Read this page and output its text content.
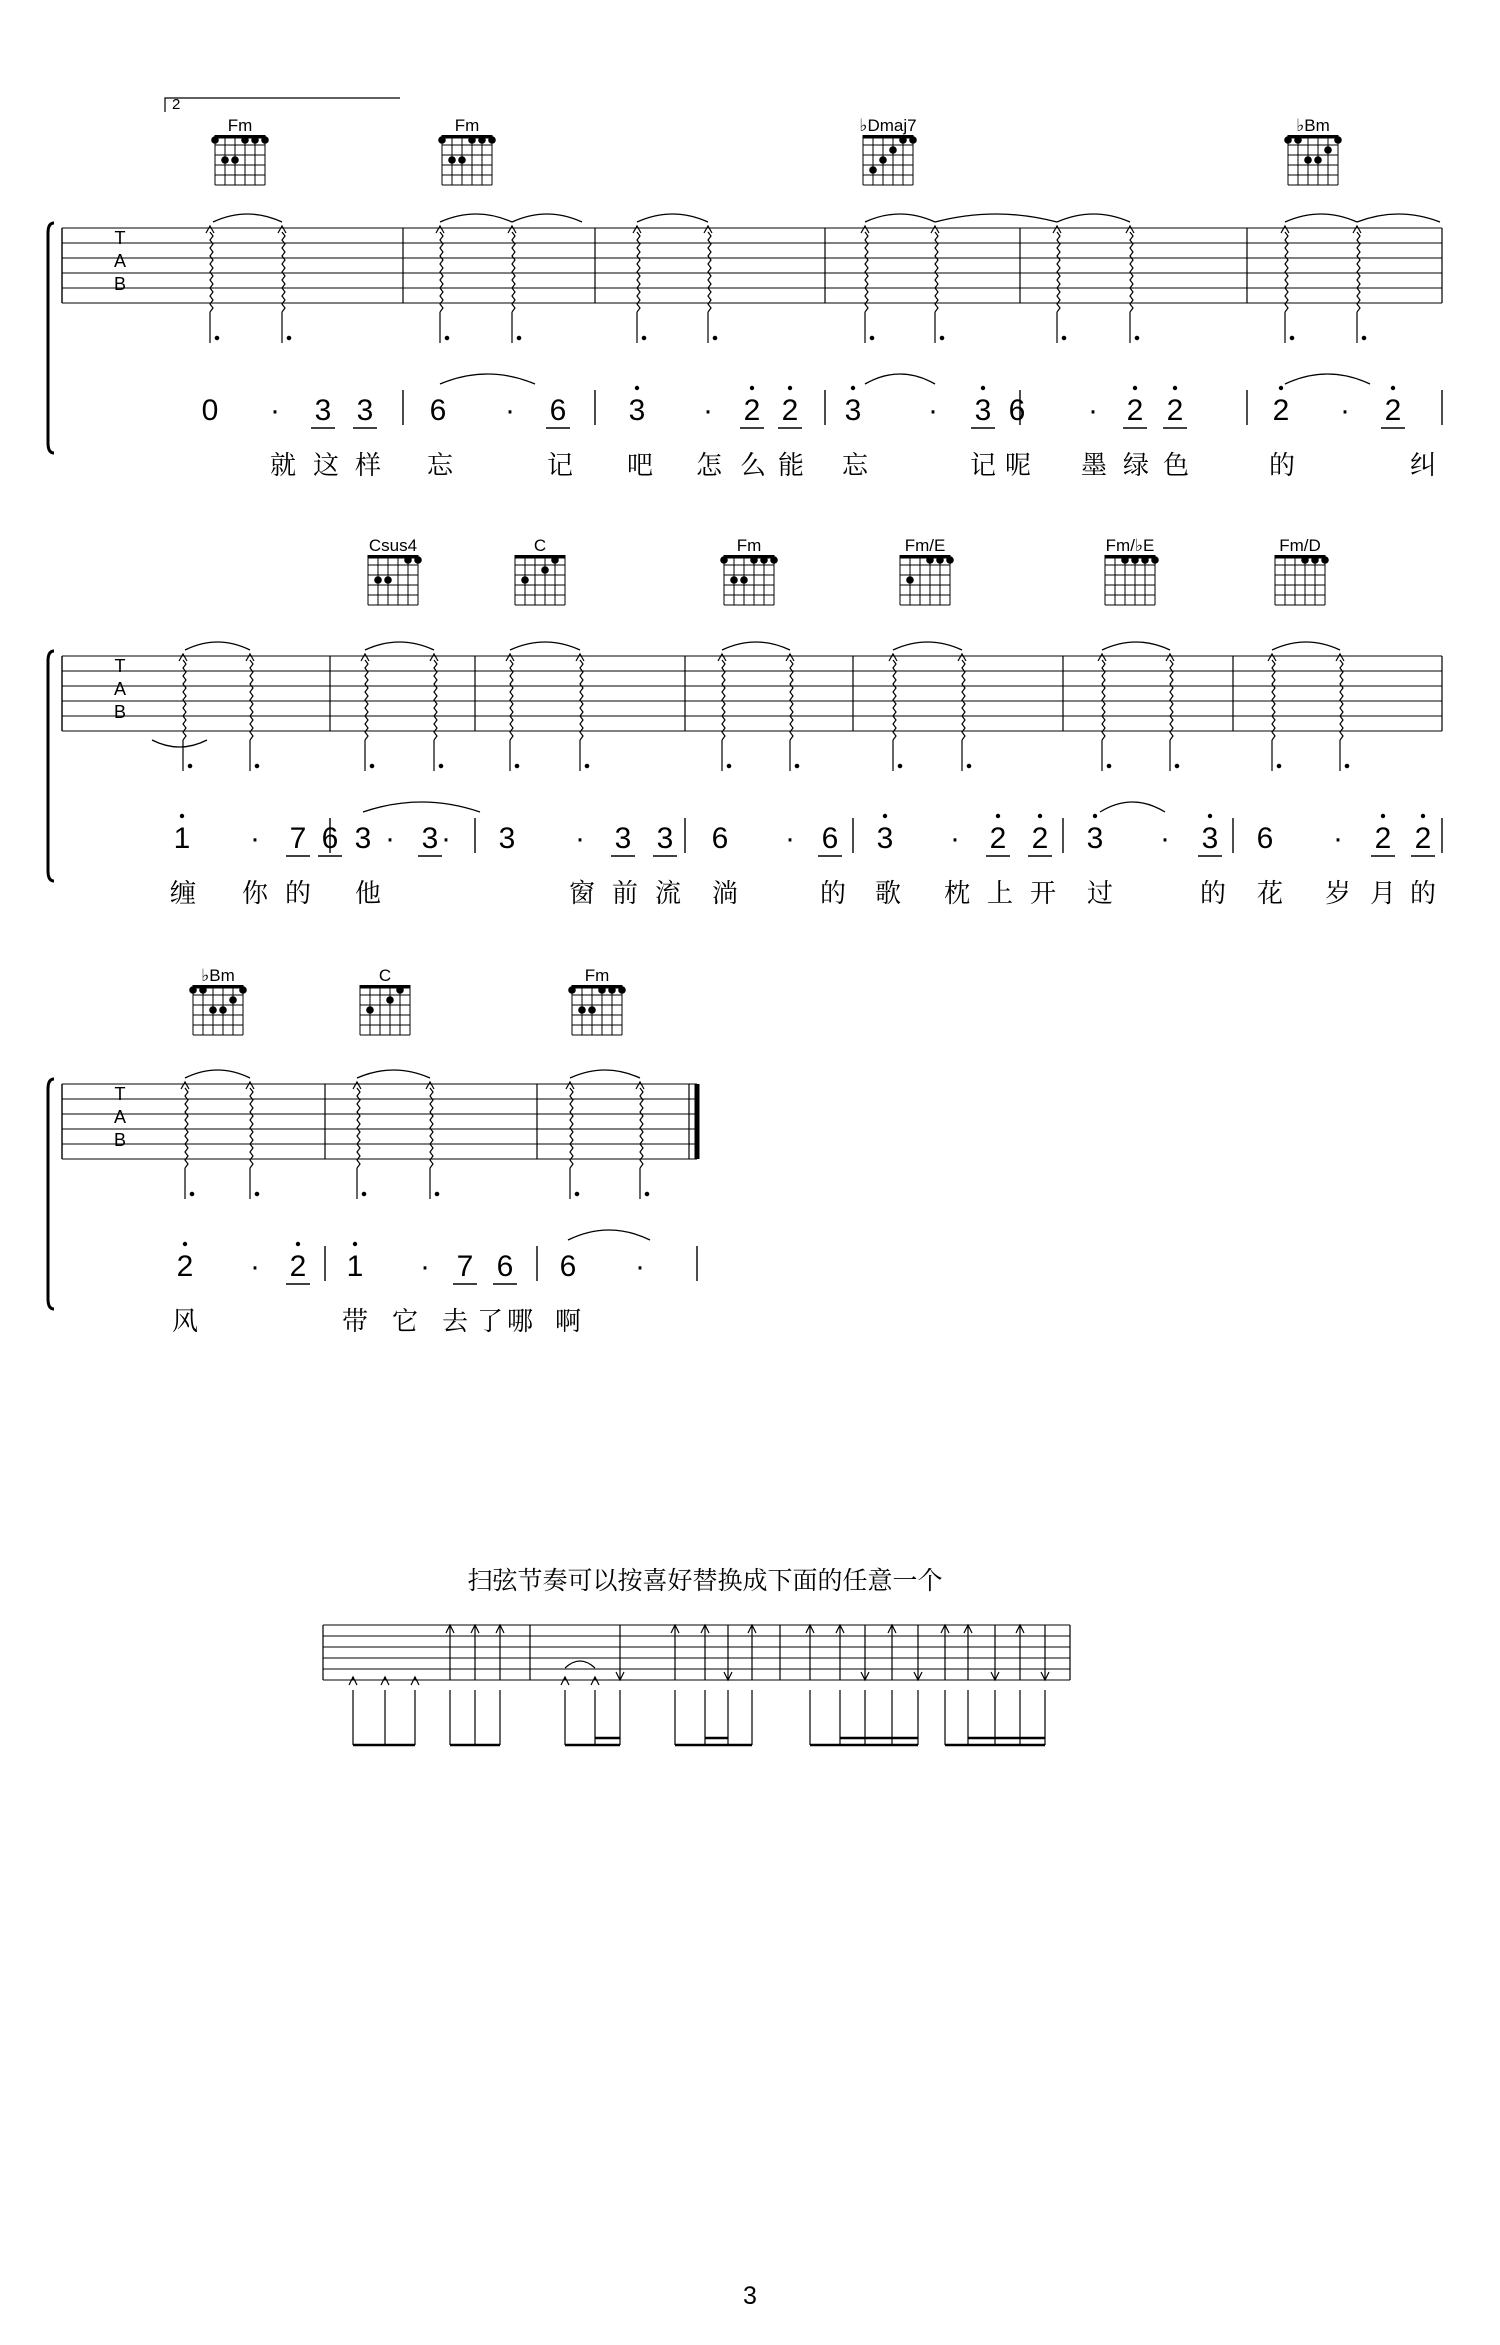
Fm	Fm	♭Dmaj7	♭Bm
Csus4	C	Fm	Fm/E	Fm/♭E	Fm/D
♭Bm	C	Fm
T
A
B
0 · 3 3
就 这 样
6 · 6
忘	记
3 · 2 2
吧 怎 么 能
3 · 3
忘	记
6 · 2 2
呢 墨 绿 色
2 · 2
的	纠
T
A
B
1 · 7 6
缠 你 的
3 · 3 ·
他
3 · 3 3
窗 前 流
6 · 6
淌	的
3 · 2 2
歌 枕 上 开
3 · 3
过	的
6 · 2 2
花 岁 月 的
T
A
B
2 · 2
风
1 · 7 6
带 它 去 了 哪
6 ·
啊
2
扫弦节奏可以按喜好替换成下面的任意一个
3
